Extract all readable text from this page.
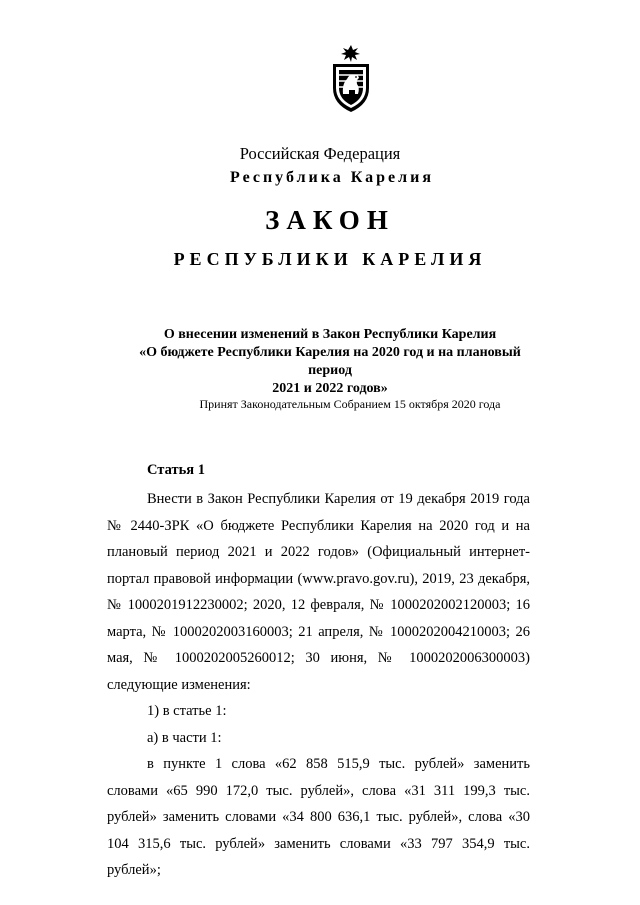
Российская Федерация
Республика Карелия
ЗАКОН
РЕСПУБЛИКИ КАРЕЛИЯ
О внесении изменений в Закон Республики Карелия
«О бюджете Республики Карелия на 2020 год и на плановый период
2021 и 2022 годов»
Принят Законодательным Собранием 15 октября 2020 года
Статья 1

Внести в Закон Республики Карелия от 19 декабря 2019 года № 2440-ЗРК «О бюджете Республики Карелия на 2020 год и на плановый период 2021 и 2022 годов» (Официальный интернет-портал правовой информации (www.pravo.gov.ru), 2019, 23 декабря, № 1000201912230002; 2020, 12 февраля, № 1000202002120003; 16 марта, № 1000202003160003; 21 апреля, № 1000202004210003; 26 мая, № 1000202005260012; 30 июня, № 1000202006300003) следующие изменения:

1) в статье 1:

а) в части 1:

в пункте 1 слова «62 858 515,9 тыс. рублей» заменить словами «65 990 172,0 тыс. рублей», слова «31 311 199,3 тыс. рублей» заменить словами «34 800 636,1 тыс. рублей», слова «30 104 315,6 тыс. рублей» заменить словами «33 797 354,9 тыс. рублей»;
